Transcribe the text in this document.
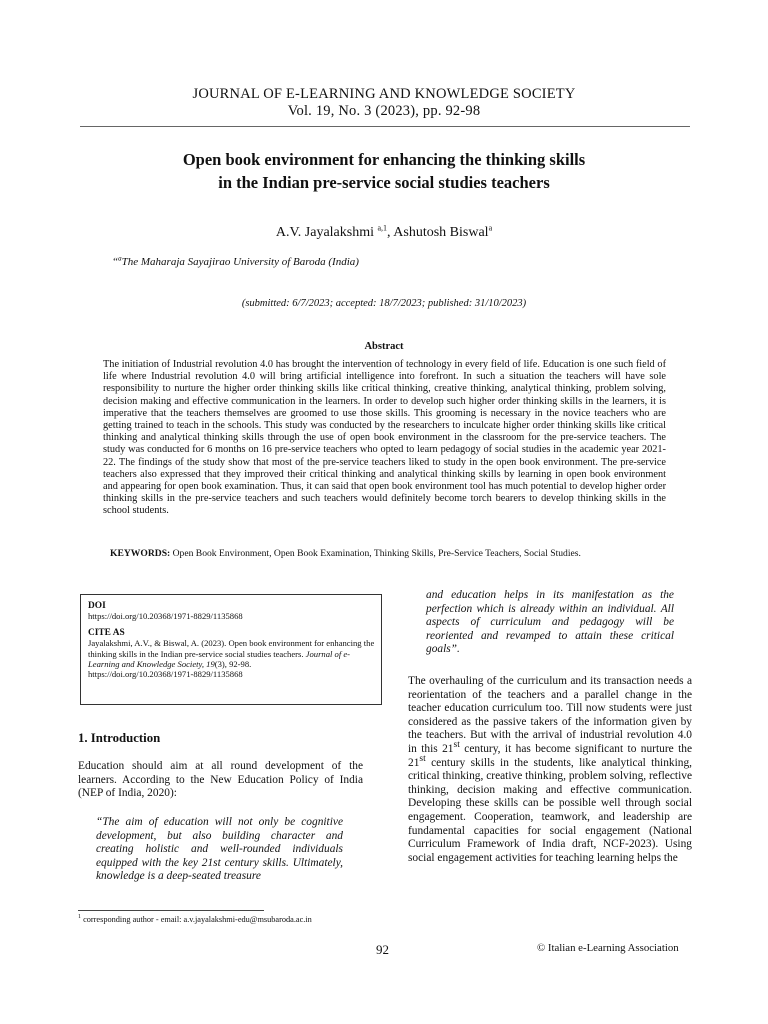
JOURNAL OF E-LEARNING AND KNOWLEDGE SOCIETY
Vol. 19, No. 3 (2023), pp. 92-98
Open book environment for enhancing the thinking skills
in the Indian pre-service social studies teachers
A.V. Jayalakshmi $^{a,1}$, Ashutosh Biswal$^a$
“$^a$The Maharaja Sayajirao University of Baroda (India)
(submitted: 6/7/2023; accepted: 18/7/2023; published: 31/10/2023)
Abstract

The initiation of Industrial revolution 4.0 has brought the intervention of technology in every field of life. Education is one such field of life where Industrial revolution 4.0 will bring artificial intelligence into forefront. In such a situation the teachers will have sole responsibility to nurture the higher order thinking skills like critical thinking, creative thinking, analytical thinking, problem solving, decision making and effective communication in the learners. In order to develop such higher order thinking skills in the learners, it is imperative that the teachers themselves are groomed to use those skills. This grooming is necessary in the novice teachers who are getting trained to teach in the schools. This study was conducted by the researchers to inculcate higher order thinking skills like critical thinking and analytical thinking skills through the use of open book environment in the classroom for the pre-service teachers. The study was conducted for 6 months on 16 pre-service teachers who opted to learn pedagogy of social studies in the academic year 2021-22. The findings of the study show that most of the pre-service teachers liked to study in the open book environment. The pre-service teachers also expressed that they improved their critical thinking and analytical thinking skills by learning in open book environment and appearing for open book examination. Thus, it can said that open book environment tool has much potential to develop higher order thinking skills in the pre-service teachers and such teachers would definitely become torch bearers to develop thinking skills in the school students.

KEYWORDS: Open Book Environment, Open Book Examination, Thinking Skills, Pre-Service Teachers, Social Studies.
DOI
https://doi.org/10.20368/1971-8829/1135868
CITE AS
Jayalakshmi, A.V., & Biswal, A. (2023). Open book environment for enhancing the thinking skills in the Indian pre-service social studies teachers. Journal of e-Learning and Knowledge Society, 19(3), 92-98.
https://doi.org/10.20368/1971-8829/1135868
1. Introduction

Education should aim at all round development of the learners. According to the New Education Policy of India (NEP of India, 2020):

“The aim of education will not only be cognitive development, but also building character and creating holistic and well-rounded individuals equipped with the key 21st century skills. Ultimately, knowledge is a deep-seated treasure

and education helps in its manifestation as the perfection which is already within an individual. All aspects of curriculum and pedagogy will be reoriented and revamped to attain these critical goals”.

The overhauling of the curriculum and its transaction needs a reorientation of the teachers and a parallel change in the teacher education curriculum too. Till now students were just considered as the passive takers of the information given by the teachers. But with the arrival of industrial revolution 4.0 in this 21st century, it has become significant to nurture the 21st century skills in the students, like analytical thinking, critical thinking, creative thinking, problem solving, reflective thinking, decision making and effective communication. Developing these skills can be possible well through social engagement. Cooperation, teamwork, and leadership are fundamental capacities for social engagement (National Curriculum Framework of India draft, NCF-2023). Using social engagement activities for teaching learning helps the

$^1$ corresponding author - email: a.v.jayalakshmi-edu@msubaroda.ac.in
92	© Italian e-Learning Association
